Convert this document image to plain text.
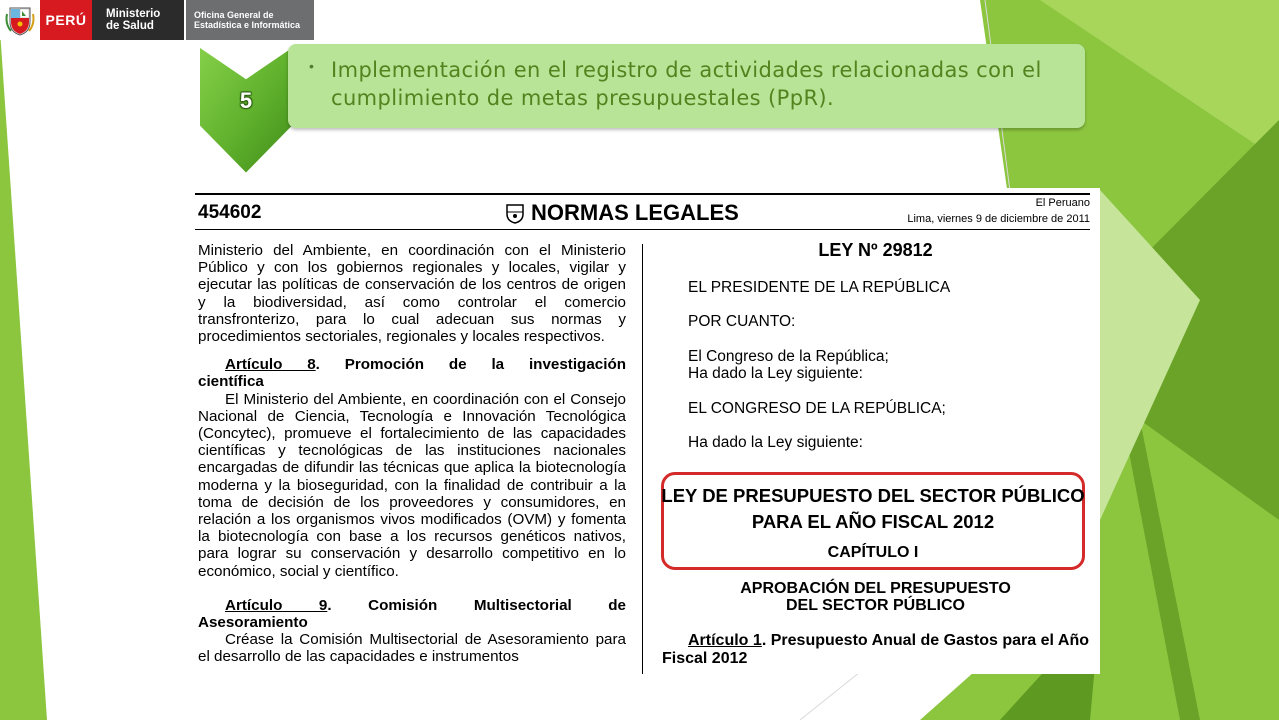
PERÚ Ministerio
de Salud
Oficina General de
Estadística e Informática
5
• Implementación en el registro de actividades relacionadas con el cumplimiento de metas presupuestales (PpR).
454602	NORMAS LEGALES	El Peruano
Lima, viernes 9 de diciembre de 2011

Ministerio del Ambiente, en coordinación con el Ministerio Público y con los gobiernos regionales y locales, vigilar y ejecutar las políticas de conservación de los centros de origen y la biodiversidad, así como controlar el comercio transfronterizo, para lo cual adecuan sus normas y procedimientos sectoriales, regionales y locales respectivos.

Artículo 8. Promoción de la investigación

científica

El Ministerio del Ambiente, en coordinación con el Consejo Nacional de Ciencia, Tecnología e Innovación Tecnológica (Concytec), promueve el fortalecimiento de las capacidades científicas y tecnológicas de las instituciones nacionales encargadas de difundir las técnicas que aplica la biotecnología moderna y la bioseguridad, con la finalidad de contribuir a la toma de decisión de los proveedores y consumidores, en relación a los organismos vivos modificados (OVM) y fomenta la biotecnología con base a los recursos genéticos nativos, para lograr su conservación y desarrollo competitivo en lo económico, social y científico.

Artículo 9. Comisión Multisectorial de

Asesoramiento

Créase la Comisión Multisectorial de Asesoramiento para el desarrollo de las capacidades e instrumentos

LEY Nº 29812

EL PRESIDENTE DE LA REPÚBLICA

POR CUANTO:

El Congreso de la República;

Ha dado la Ley siguiente:

EL CONGRESO DE LA REPÚBLICA;

Ha dado la Ley siguiente:

LEY DE PRESUPUESTO DEL SECTOR PÚBLICO
PARA EL AÑO FISCAL 2012
CAPÍTULO I
APROBACIÓN DEL PRESUPUESTO
DEL SECTOR PÚBLICO
Artículo 1. Presupuesto Anual de Gastos para el Año Fiscal 2012
